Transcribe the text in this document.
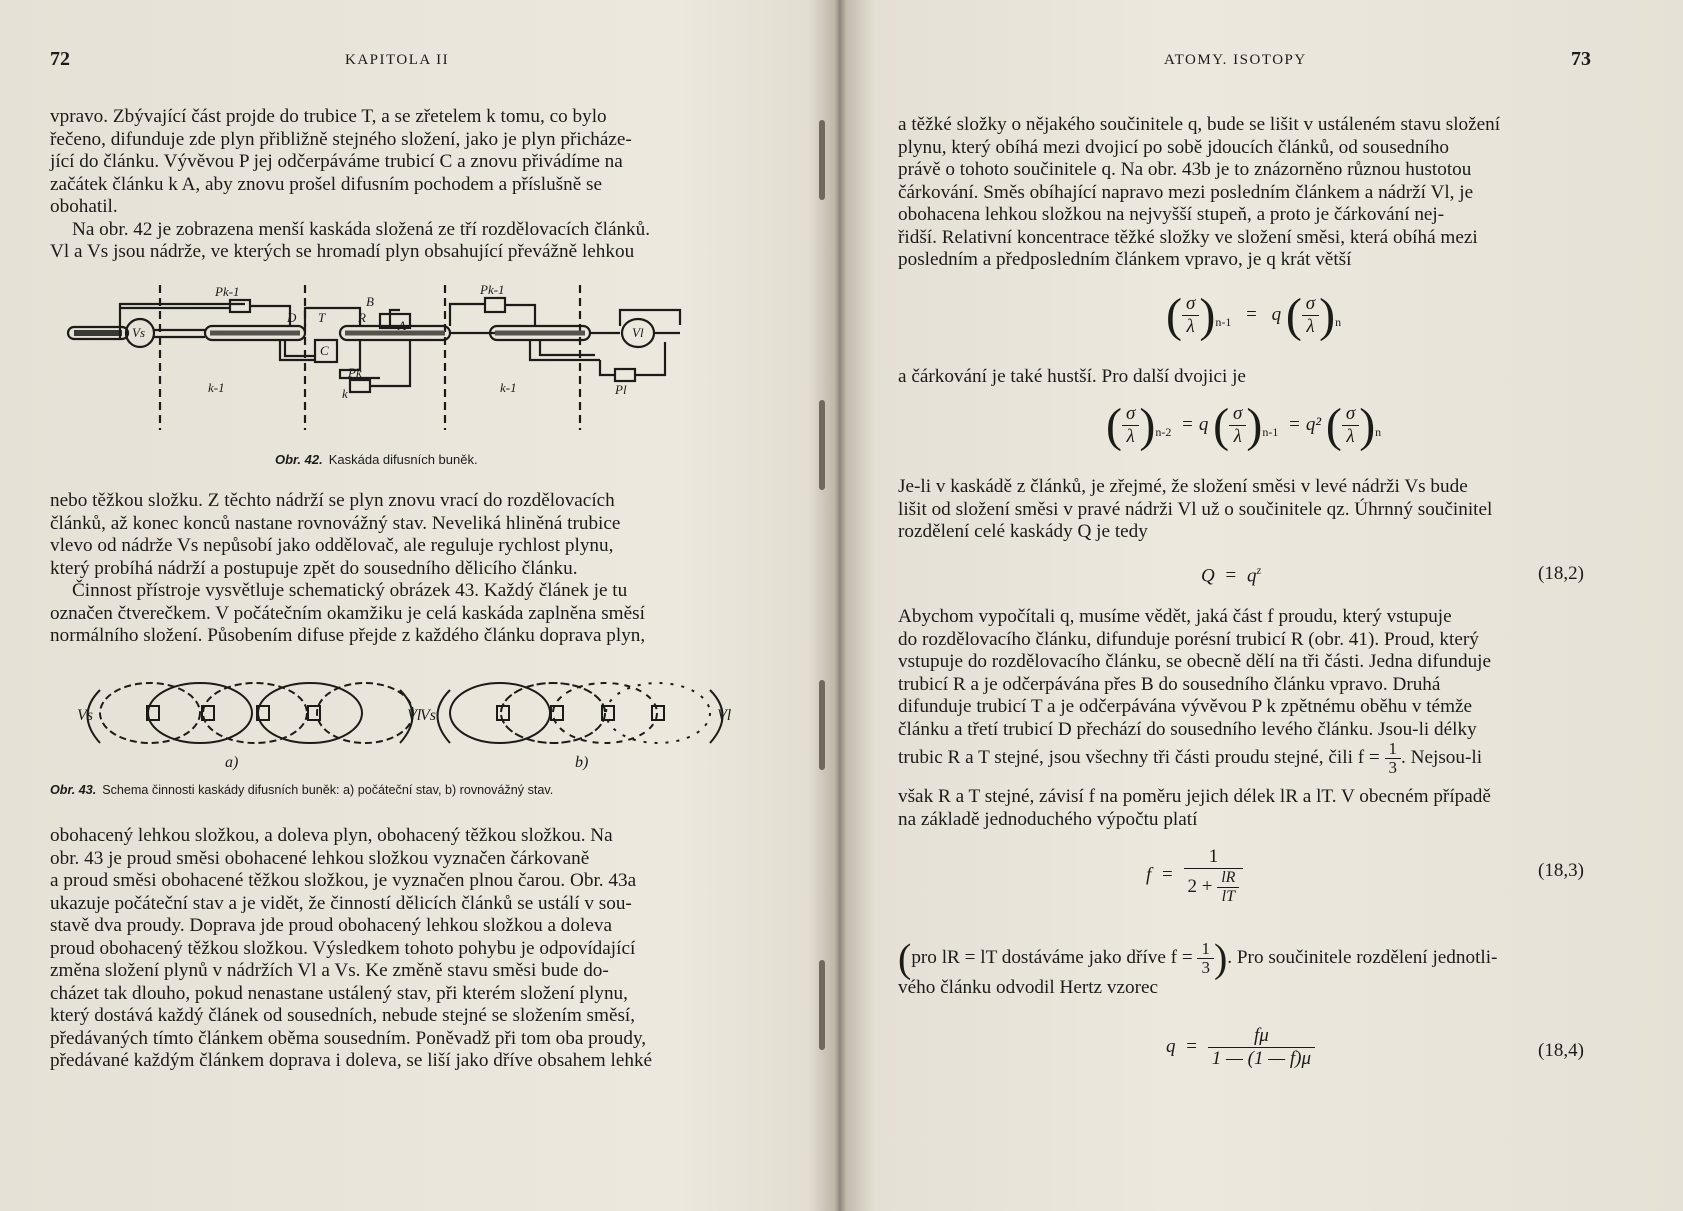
72	KAPITOLA II

vpravo. Zbývající část projde do trubice T, a se zřetelem k tomu, co bylo

řečeno, difunduje zde plyn přibližně stejného složení, jako je plyn přicháze-

jící do článku. Vývěvou P jej odčerpáváme trubicí C a znovu přivádíme na

začátek článku k A, aby znovu prošel difusním pochodem a příslušně se

obohatil.

Na obr. 42 je zobrazena menší kaskáda složená ze tří rozdělovacích článků.

Vl a Vs jsou nádrže, ve kterých se hromadí plyn obsahující převážně lehkou

Pk-1	Pk-1
Pk
Pl
Vs	Vl
D T
B
R
A
C
k-1	k	k-1
Obr. 42. Kaskáda difusních buněk.

nebo těžkou složku. Z těchto nádrží se plyn znovu vrací do rozdělovacích

článků, až konec konců nastane rovnovážný stav. Neveliká hliněná trubice

vlevo od nádrže Vs nepůsobí jako oddělovač, ale reguluje rychlost plynu,

který probíhá nádrží a postupuje zpět do sousedního dělicího článku.

Činnost přístroje vysvětluje schematický obrázek 43. Každý článek je tu

označen čtverečkem. V počátečním okamžiku je celá kaskáda zaplněna směsí

normálního složení. Působením difuse přejde z každého článku doprava plyn,

Vs	Vl
Vs	Vl
a)	b)
Obr. 43. Schema činnosti kaskády difusních buněk: a) počáteční stav, b) rovnovážný stav.

obohacený lehkou složkou, a doleva plyn, obohacený těžkou složkou. Na

obr. 43 je proud směsi obohacené lehkou složkou vyznačen čárkovaně

a proud směsi obohacené těžkou složkou, je vyznačen plnou čarou. Obr. 43a

ukazuje počáteční stav a je vidět, že činností dělicích článků se ustálí v sou-

stavě dva proudy. Doprava jde proud obohacený lehkou složkou a doleva

proud obohacený těžkou složkou. Výsledkem tohoto pohybu je odpovídající

změna složení plynů v nádržích Vl a Vs. Ke změně stavu směsi bude do-

cházet tak dlouho, pokud nenastane ustálený stav, při kterém složení plynu,

který dostává každý článek od sousedních, nebude stejné se složením směsí,

předávaných tímto článkem oběma sousedním. Poněvadž při tom oba proudy,

předávané každým článkem doprava i doleva, se liší jako dříve obsahem lehké

ATOMY. ISOTOPY	73

a těžké složky o nějakého součinitele q, bude se lišit v ustáleném stavu složení

plynu, který obíhá mezi dvojicí po sobě jdoucích článků, od sousedního

právě o tohoto součinitele q. Na obr. 43b je to znázorněno různou hustotou

čárkování. Směs obíhající napravo mezi posledním článkem a nádrží Vl, je

obohacena lehkou složkou na nejvyšší stupeň, a proto je čárkování nej-

řidší. Relativní koncentrace těžké složky ve složení směsi, která obíhá mezi

posledním a předposledním článkem vpravo, je q krát větší

( $\frac{\sigma}{\lambda} )_{n-1} = q$ ( $\frac{\sigma}{\lambda} )_n$

a čárkování je také hustší. Pro další dvojici je

( $\frac{\sigma}{\lambda} )_{n-2} = q$ ( $\frac{\sigma}{\lambda} )_{n-1} = q^2$ ( $\frac{\sigma}{\lambda} )_n$

Je-li v kaskádě z článků, je zřejmé, že složení směsi v levé nádrži Vs bude

lišit od složení směsi v pravé nádrži Vl už o součinitele qz. Úhrnný součinitel

rozdělení celé kaskády Q je tedy

$Q = q^z$	(18,2)

Abychom vypočítali q, musíme vědět, jaká část f proudu, který vstupuje

do rozdělovacího článku, difunduje porésní trubicí R (obr. 41). Proud, který

vstupuje do rozdělovacího článku, se obecně dělí na tři části. Jedna difunduje

trubicí R a je odčerpávána přes B do sousedního článku vpravo. Druhá

difunduje trubicí T a je odčerpávána vývěvou P k zpětnému oběhu v témže

článku a třetí trubicí D přechází do sousedního levého článku. Jsou-li délky

trubic R a T stejné, jsou všechny tři části proudu stejné, čili $f = \frac{1}{3}$ . Nejsou-li

však R a T stejné, závisí f na poměru jejich délek lR a lT. V obecném případě

na základě jednoduchého výpočtu platí

$f = \frac{1}{2 + \frac{lR}{lT}}$	(18,3)
(pro lR = lT dostáváme jako dříve $f = \frac{1}{3}$ ). Pro součinitele rozdělení jednotli-

vého článku odvodil Hertz vzorec

$q = \frac{f\mu}{1 — (1 — f)\mu}$	(18,4)
